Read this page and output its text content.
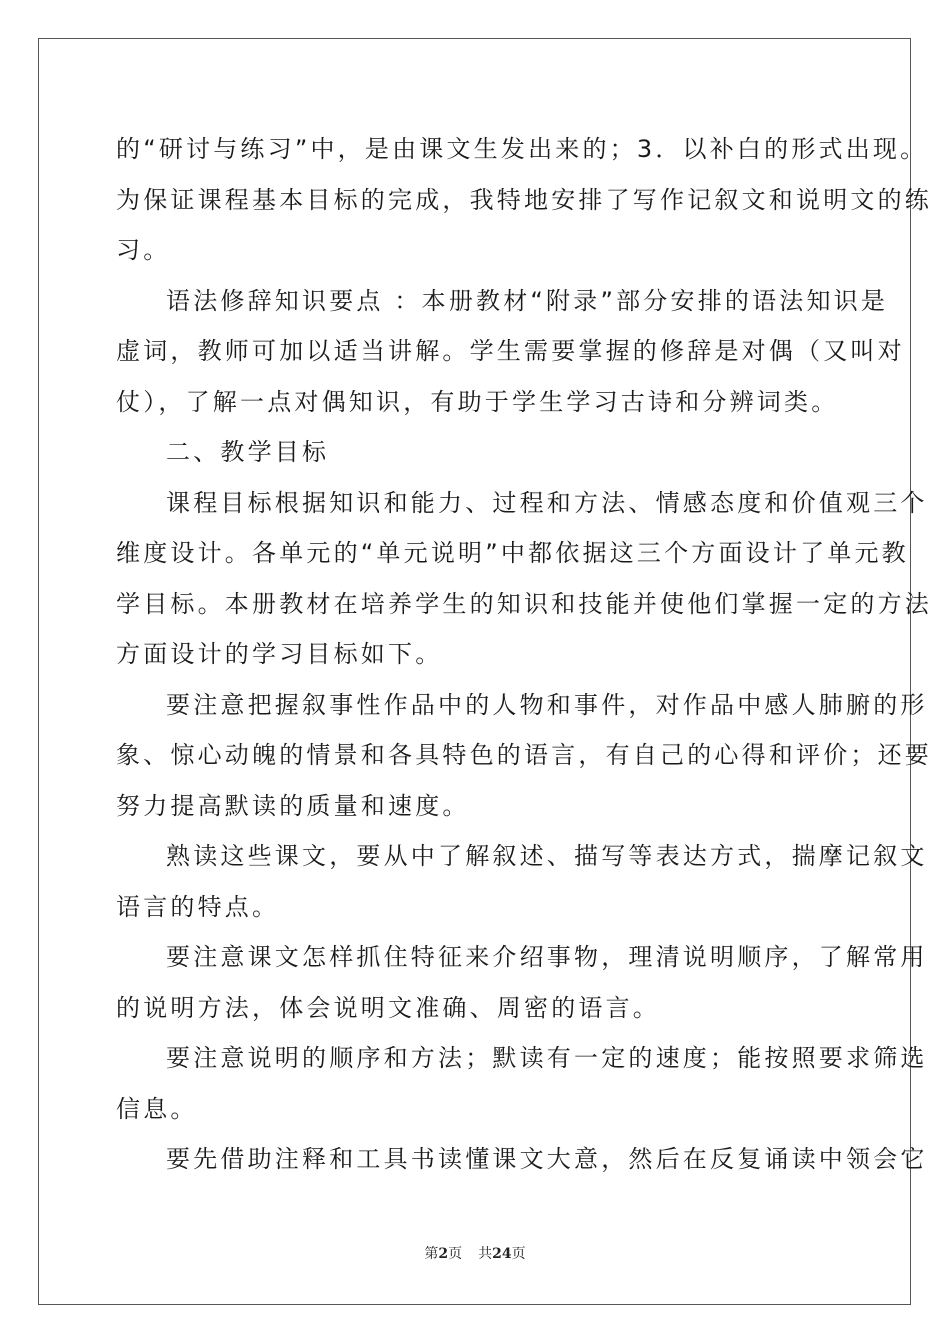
的“研讨与练习”中，是由课文生发出来的；3．以补白的形式出现。
为保证课程基本目标的完成，我特地安排了写作记叙文和说明文的练
习。
语法修辞知识要点 ：本册教材“附录”部分安排的语法知识是
虚词，教师可加以适当讲解。学生需要掌握的修辞是对偶（又叫对
仗），了解一点对偶知识，有助于学生学习古诗和分辨词类。
二、教学目标
课程目标根据知识和能力、过程和方法、情感态度和价值观三个
维度设计。各单元的“单元说明”中都依据这三个方面设计了单元教
学目标。本册教材在培养学生的知识和技能并使他们掌握一定的方法
方面设计的学习目标如下。
要注意把握叙事性作品中的人物和事件，对作品中感人肺腑的形
象、惊心动魄的情景和各具特色的语言，有自己的心得和评价；还要
努力提高默读的质量和速度。
熟读这些课文，要从中了解叙述、描写等表达方式，揣摩记叙文
语言的特点。
要注意课文怎样抓住特征来介绍事物，理清说明顺序，了解常用
的说明方法，体会说明文准确、周密的语言。
要注意说明的顺序和方法；默读有一定的速度；能按照要求筛选
信息。
要先借助注释和工具书读懂课文大意，然后在反复诵读中领会它
第2页 共24页
